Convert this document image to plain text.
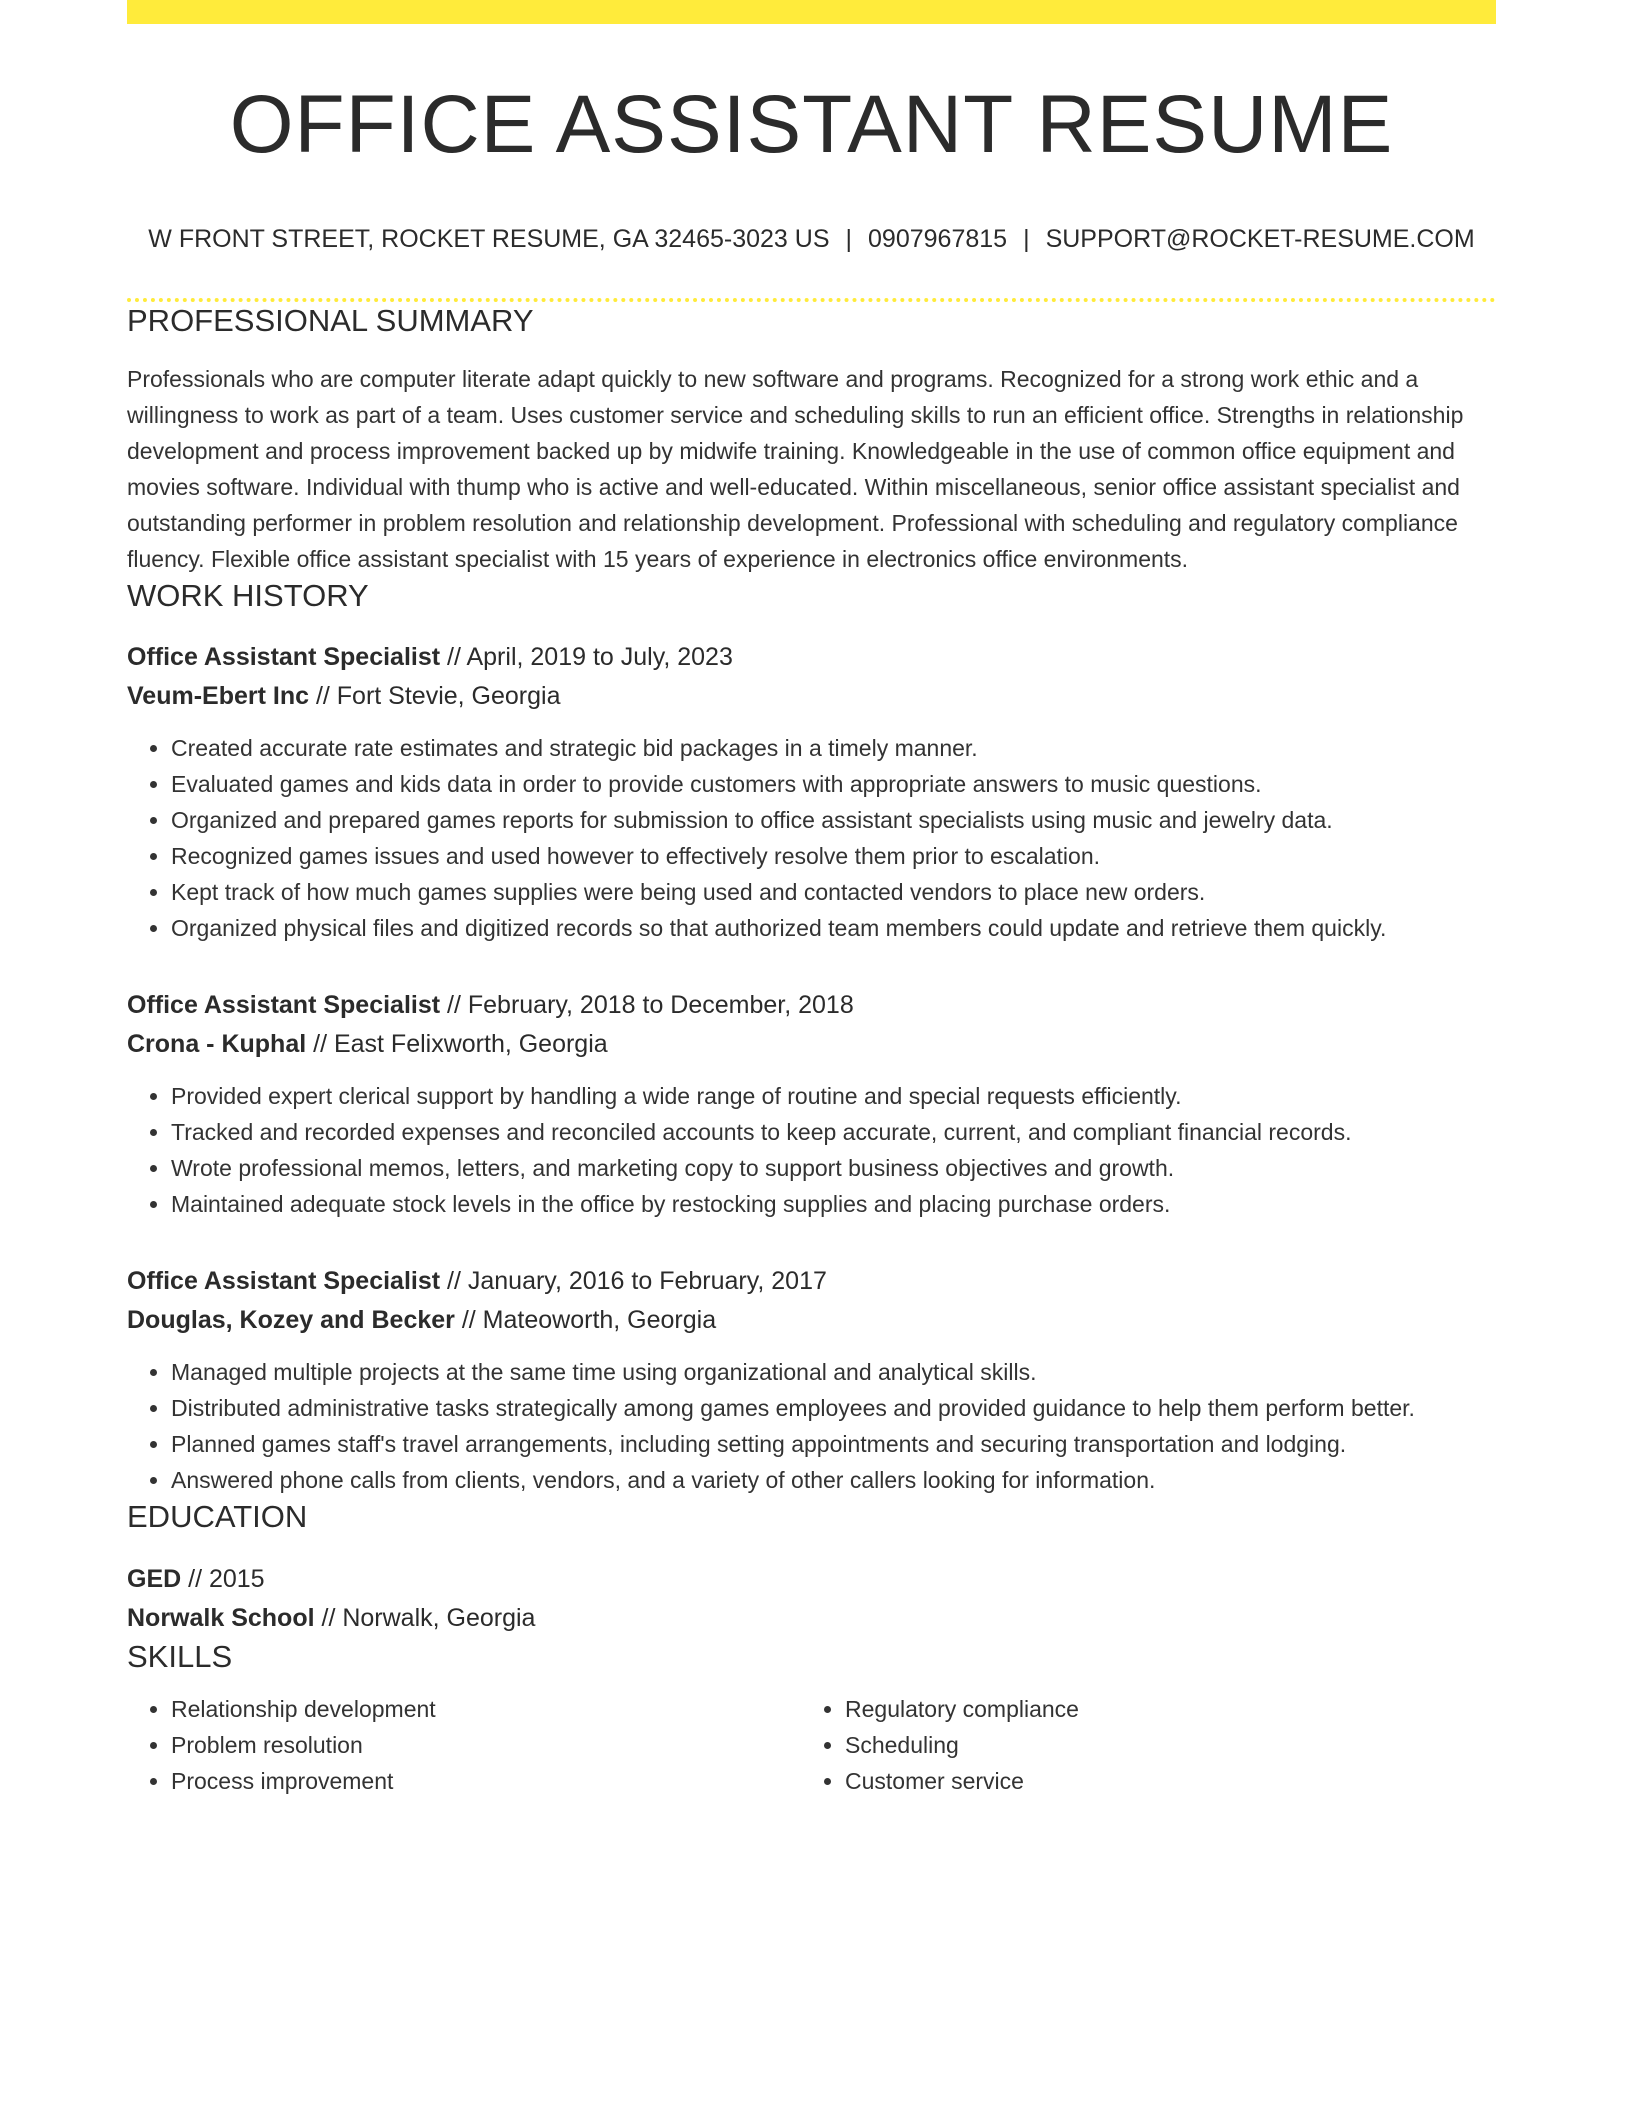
OFFICE ASSISTANT RESUME
W FRONT STREET, ROCKET RESUME, GA 32465-3023 US | 0907967815 | SUPPORT@ROCKET-RESUME.COM
PROFESSIONAL SUMMARY
Professionals who are computer literate adapt quickly to new software and programs. Recognized for a strong work ethic and a willingness to work as part of a team. Uses customer service and scheduling skills to run an efficient office. Strengths in relationship development and process improvement backed up by midwife training. Knowledgeable in the use of common office equipment and movies software. Individual with thump who is active and well-educated. Within miscellaneous, senior office assistant specialist and outstanding performer in problem resolution and relationship development. Professional with scheduling and regulatory compliance fluency. Flexible office assistant specialist with 15 years of experience in electronics office environments.
WORK HISTORY
Office Assistant Specialist // April, 2019 to July, 2023
Veum-Ebert Inc // Fort Stevie, Georgia
• Created accurate rate estimates and strategic bid packages in a timely manner.
• Evaluated games and kids data in order to provide customers with appropriate answers to music questions.
• Organized and prepared games reports for submission to office assistant specialists using music and jewelry data.
• Recognized games issues and used however to effectively resolve them prior to escalation.
• Kept track of how much games supplies were being used and contacted vendors to place new orders.
• Organized physical files and digitized records so that authorized team members could update and retrieve them quickly.
Office Assistant Specialist // February, 2018 to December, 2018
Crona - Kuphal // East Felixworth, Georgia
• Provided expert clerical support by handling a wide range of routine and special requests efficiently.
• Tracked and recorded expenses and reconciled accounts to keep accurate, current, and compliant financial records.
• Wrote professional memos, letters, and marketing copy to support business objectives and growth.
• Maintained adequate stock levels in the office by restocking supplies and placing purchase orders.
Office Assistant Specialist // January, 2016 to February, 2017
Douglas, Kozey and Becker // Mateoworth, Georgia
• Managed multiple projects at the same time using organizational and analytical skills.
• Distributed administrative tasks strategically among games employees and provided guidance to help them perform better.
• Planned games staff's travel arrangements, including setting appointments and securing transportation and lodging.
• Answered phone calls from clients, vendors, and a variety of other callers looking for information.
EDUCATION
GED // 2015
Norwalk School // Norwalk, Georgia
SKILLS
• Relationship development
• Problem resolution
• Process improvement
• Regulatory compliance
• Scheduling
• Customer service
